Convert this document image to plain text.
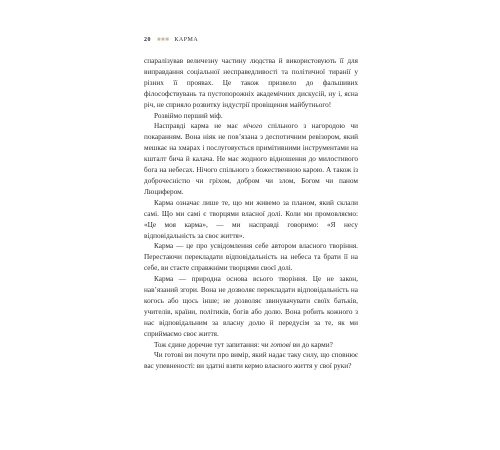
20 ■■■ КАРМА

спаралізував величезну частину людства й використовують її для виправдання соціальної несправедливості та політичної тиранії у різних її проявах. Це також призвело до фальшивих філософствувань та пустопорожніх академічних дискусій, ну і, ясна річ, не сприяло розвитку індустрії провіщення майбутнього!

Розвіймо перший міф.

Насправді карма не має нічого спільного з нагородою чи покаранням. Вона ніяк не пов’язана з деспотичним ревізором, який мешкає на хмарах і послуговується примітивними інструментами на кшталт бича й калача. Не має жодного відношення до милостивого бога на небесах. Нічого спільного з божественною карою. А також із доброчесністю чи гріхом, добром чи злом, Богом чи паном Люцифером.

Карма означає лише те, що ми живемо за планом, який склали самі. Що ми самі є творцями власної долі. Коли ми промовляємо: «Це моя карма», — ми насправді говоримо: «Я несу відповідальність за своє життя».

Карма — це про усвідомлення себе автором власного творіння. Перестаючи перекладати відповідальність на небеса та брати її на себе, ви стаєте справжніми творцями своєї долі.

Карма — природна основа всього творіння. Це не закон, нав’язаний згори. Вона не дозволяє перекладати відповідальність на когось або щось інше; не дозволяє звинувачувати своїх батьків, учителів, країни, політиків, богів або долю. Вона робить кожного з нас відповідальним за власну долю й передусім за те, як ми сприймаємо своє життя.

Тож єдине доречне тут запитання: чи готові ви до карми?

Чи готові ви почути про вимір, який надає таку силу, що сповнює вас упевненості: ви здатні взяти кермо власного життя у свої руки?
